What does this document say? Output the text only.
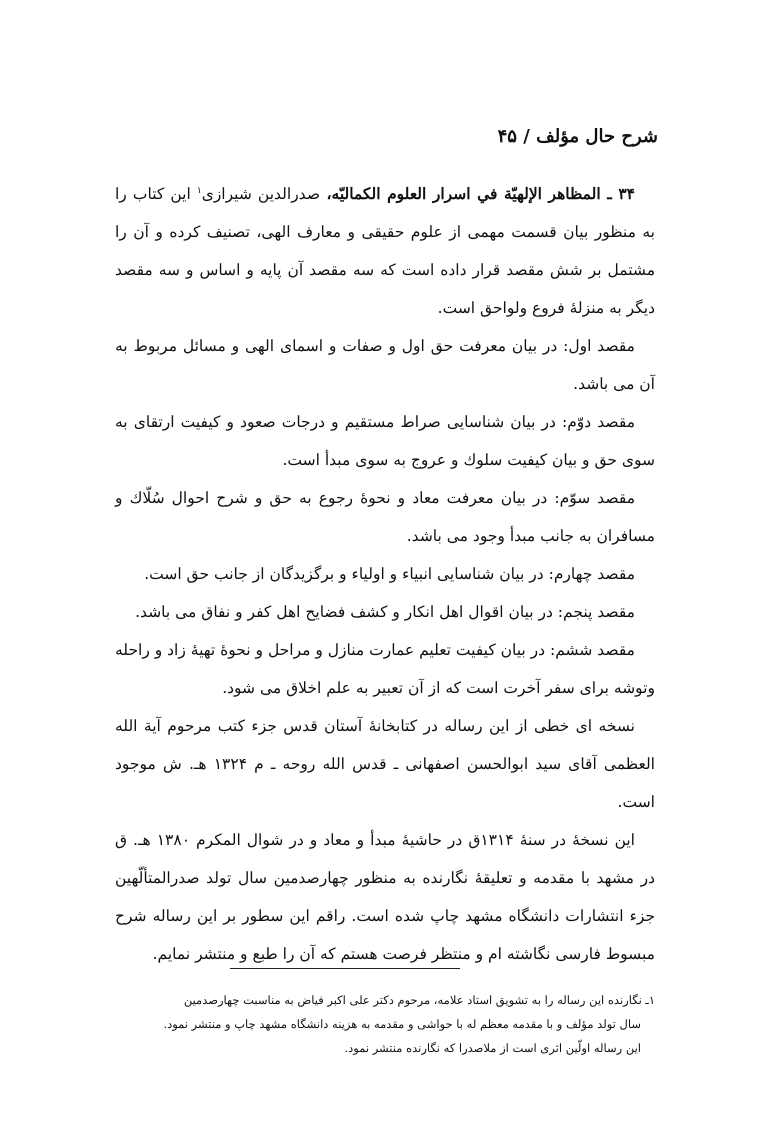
شرح حال مؤلف / ۴۵

۳۴ ـ المظاهر الإلهيّة في اسرار العلوم الكماليّه، صدرالدين شيرازى$^۱$ این کتاب را به منظور بیان قسمت مهمی از علوم حقیقی و معارف الهی، تصنیف کرده و آن را مشتمل بر شش مقصد قرار داده است که سه مقصد آن پایه و اساس و سه مقصد دیگر به منزلهٔ فروع ولواحق است.

مقصد اول: در بیان معرفت حق اول و صفات و اسمای الهی و مسائل مربوط به آن می باشد.

مقصد دوّم: در بیان شناسایی صراط مستقیم و درجات صعود و کیفیت ارتقای به سوی حق و بیان کیفیت سلوك و عروج به سوی مبدأ است.

مقصد سوّم: در بیان معرفت معاد و نحوهٔ رجوع به حق و شرح احوال سُلّاك و مسافران به جانب مبدأ وجود می باشد.

مقصد چهارم: در بیان شناسایی انبیاء و اولیاء و برگزیدگان از جانب حق است.

مقصد پنجم: در بیان اقوال اهل انکار و کشف فضایح اهل کفر و نفاق می باشد.

مقصد ششم: در بیان کیفیت تعلیم عمارت منازل و مراحل و نحوهٔ تهیهٔ زاد و راحله وتوشه برای سفر آخرت است که از آن تعبیر به علم اخلاق می شود.

نسخه ای خطی از این رساله در کتابخانهٔ آستان قدس جزء کتب مرحوم آیة الله العظمی آقای سید ابوالحسن اصفهانی ـ قدس الله روحه ـ م ۱۳۲۴ هـ. ش موجود است.

این نسخهٔ در سنهٔ ۱۳۱۴ق در حاشیهٔ مبدأ و معاد و در شوال المکرم ۱۳۸۰ هـ. ق در مشهد با مقدمه و تعلیقهٔ نگارنده به منظور چهارصدمین سال تولد صدرالمتألّهین جزء انتشارات دانشگاه مشهد چاپ شده است. راقم این سطور بر این رساله شرح مبسوط فارسی نگاشته ام و منتظر فرصت هستم که آن را طبع و منتشر نمایم.

۱ـ نگارنده این رساله را به تشویق استاد علامه، مرحوم دکتر علی اکبر فیاض به مناسبت چهارصدمین

سال تولد مؤلف و با مقدمه معظم له با حواشی و مقدمه به هزینه دانشگاه مشهد چاپ و منتشر نمود.

این رساله اولّین اثری است از ملاصدرا که نگارنده منتشر نمود.
